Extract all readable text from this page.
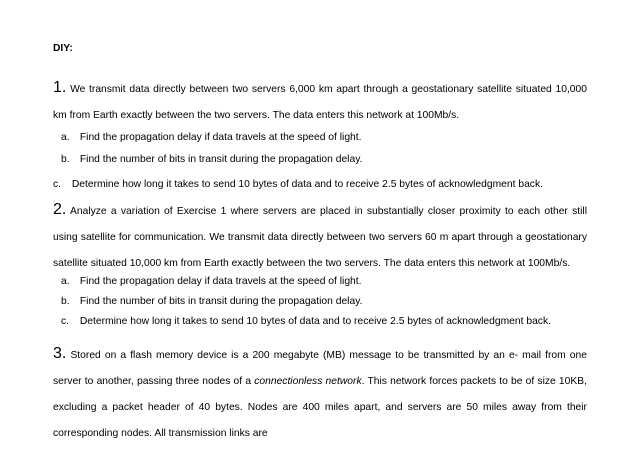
DIY:

1. We transmit data directly between two servers 6,000 km apart through a geostationary satellite situated 10,000 km from Earth exactly between the two servers. The data enters this network at 100Mb/s.

a. Find the propagation delay if data travels at the speed of light.
b. Find the number of bits in transit during the propagation delay.
c. Determine how long it takes to send 10 bytes of data and to receive 2.5 bytes of acknowledgment back.

2. Analyze a variation of Exercise 1 where servers are placed in substantially closer proximity to each other still using satellite for communication. We transmit data directly between two servers 60 m apart through a geostationary satellite situated 10,000 km from Earth exactly between the two servers. The data enters this network at 100Mb/s.

a. Find the propagation delay if data travels at the speed of light.
b. Find the number of bits in transit during the propagation delay.
c. Determine how long it takes to send 10 bytes of data and to receive 2.5 bytes of acknowledgment back.

3. Stored on a flash memory device is a 200 megabyte (MB) message to be transmitted by an e- mail from one server to another, passing three nodes of a connectionless network. This network forces packets to be of size 10KB, excluding a packet header of 40 bytes. Nodes are 400 miles apart, and servers are 50 miles away from their corresponding nodes. All transmission links are
